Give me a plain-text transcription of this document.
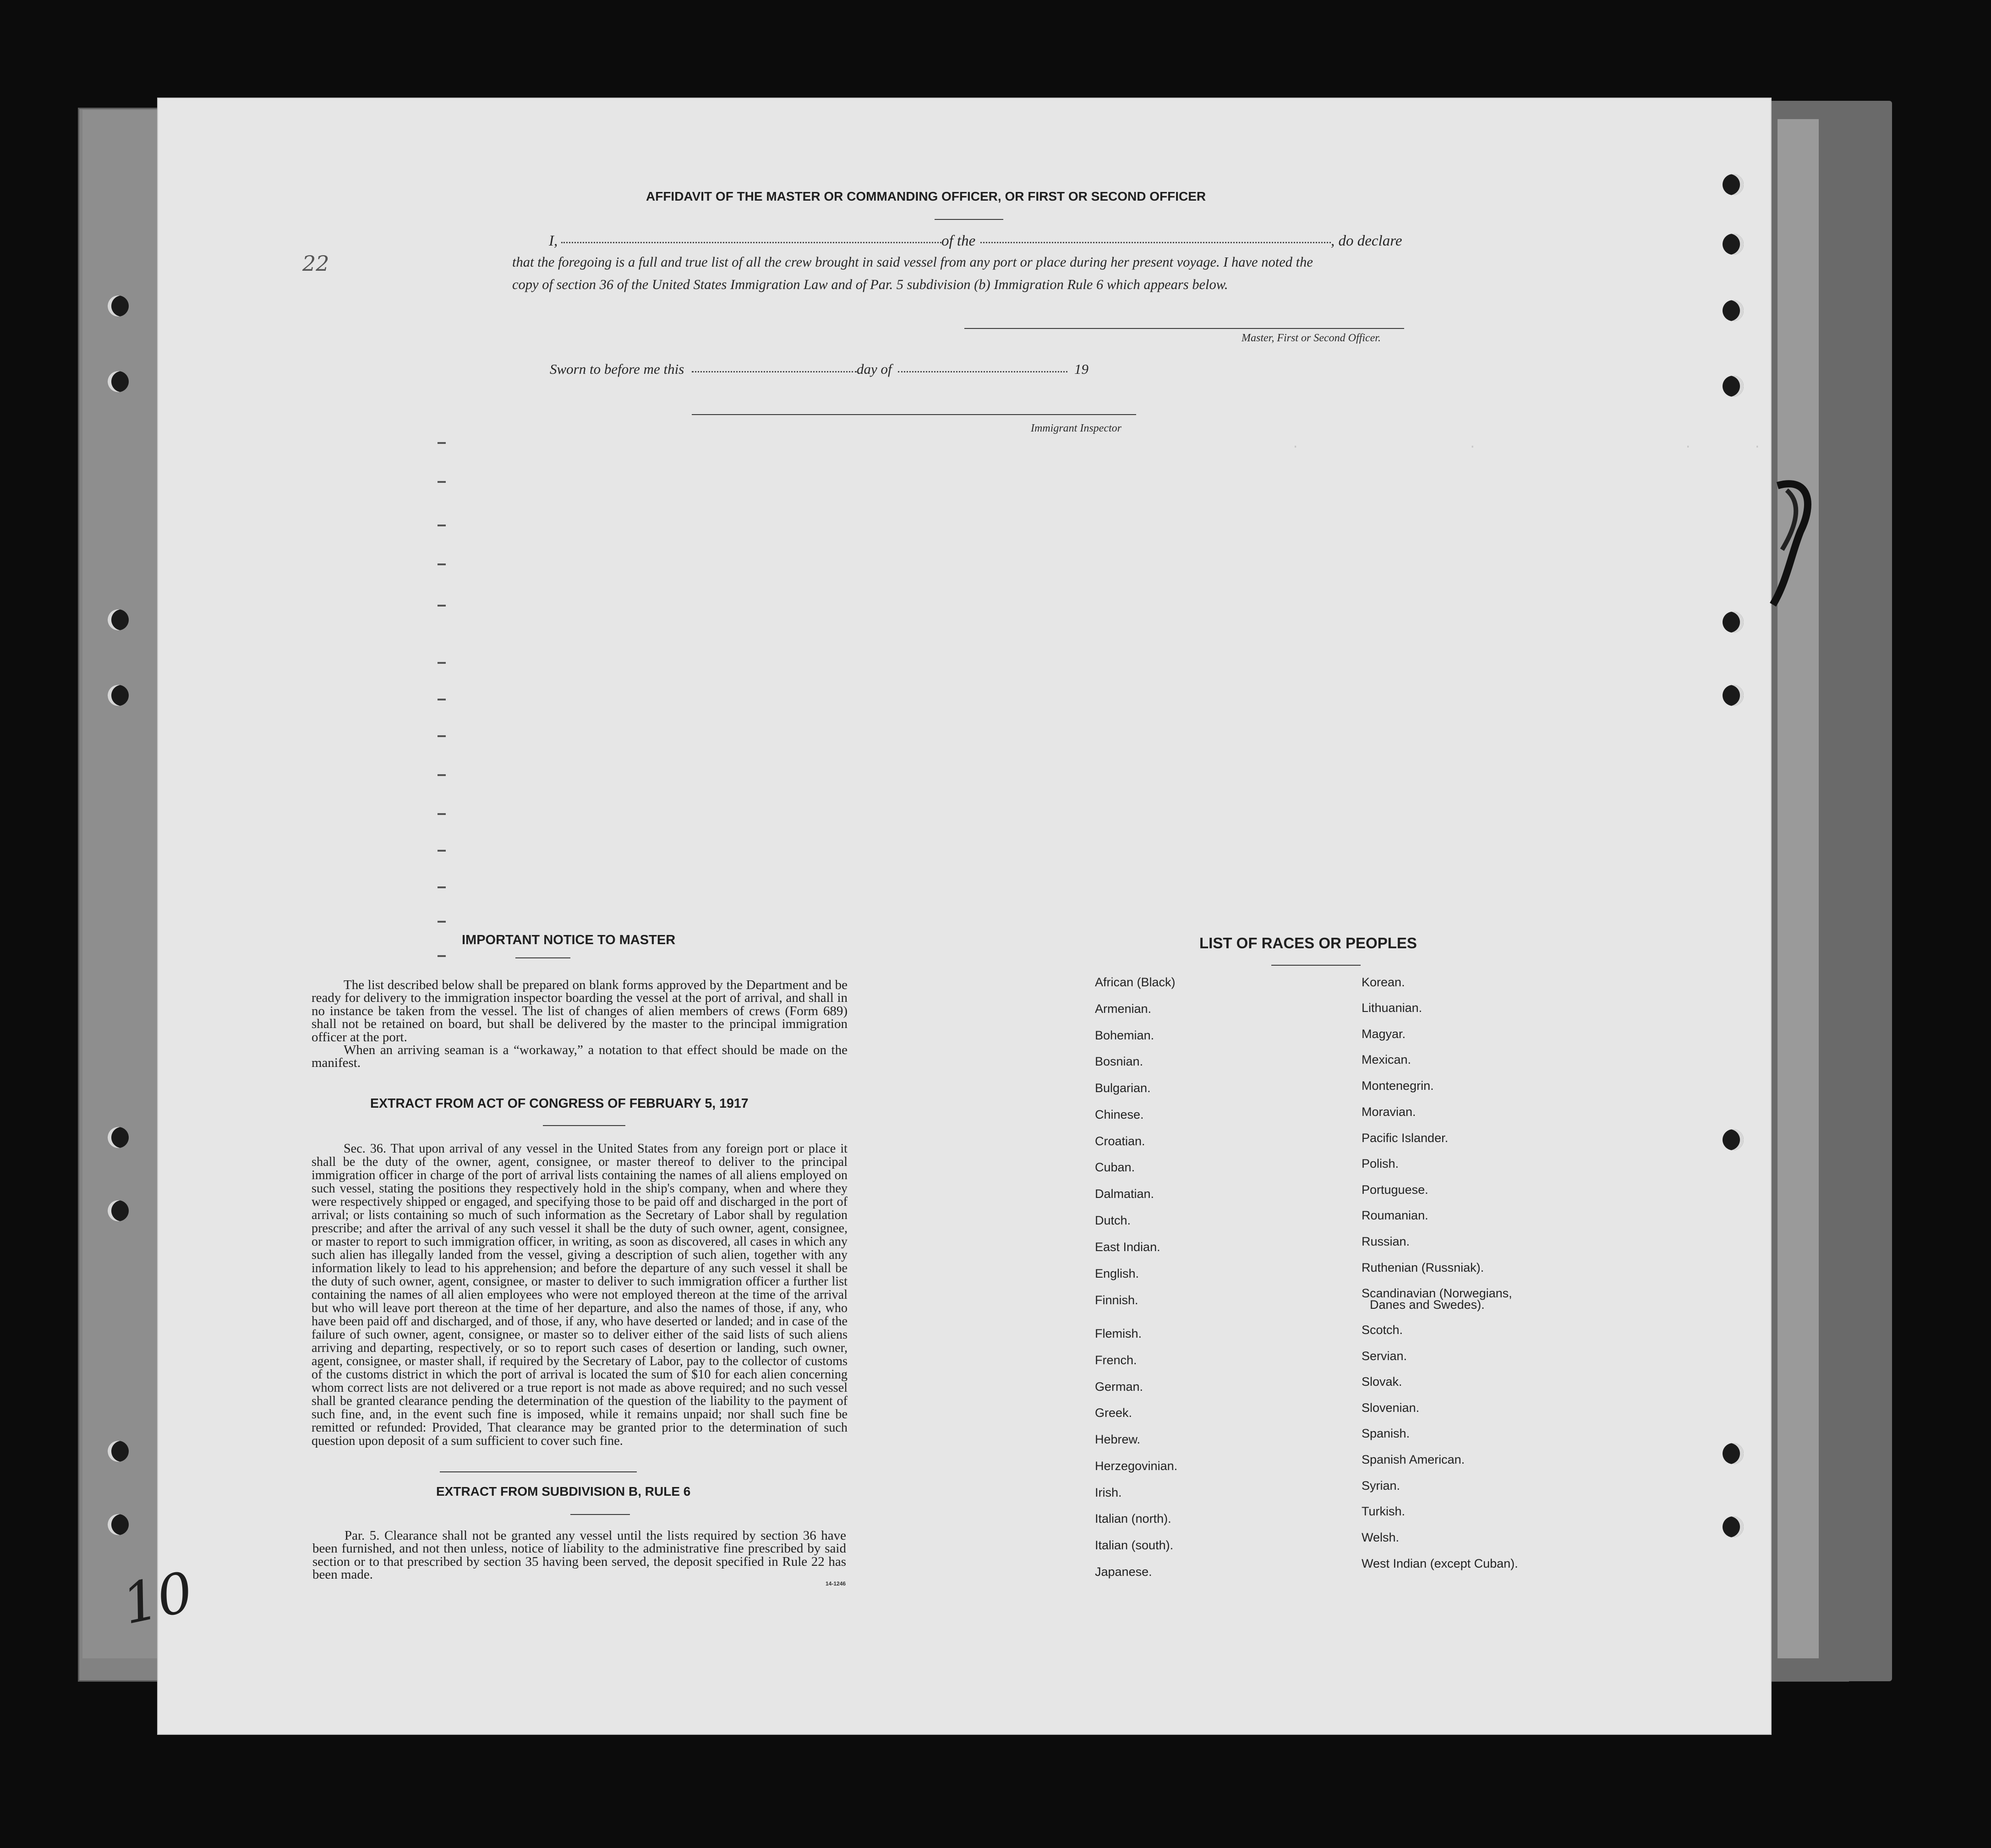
.                      .                           .        .
AFFIDAVIT OF THE MASTER OR COMMANDING OFFICER, OR FIRST OR SECOND OFFICER
I,	of the	, do declare
that the foregoing is a full and true list of all the crew brought in said vessel from any port or place during her present voyage. I have noted the
copy of section 36 of the United States Immigration Law and of Par. 5 subdivision (b) Immigration Rule 6 which appears below.
Master, First or Second Officer.
Sworn to before me this	day of	19
Immigrant Inspector
IMPORTANT NOTICE TO MASTER

The list described below shall be prepared on blank forms approved by the Department and be ready for delivery to the immigration inspector boarding the vessel at the port of arrival, and shall in no instance be taken from the vessel. The list of changes of alien members of crews (Form 689) shall not be retained on board, but shall be delivered by the master to the principal immigration officer at the port.

When an arriving seaman is a “workaway,” a notation to that effect should be made on the manifest.

EXTRACT FROM ACT OF CONGRESS OF FEBRUARY 5, 1917

Sec. 36. That upon arrival of any vessel in the United States from any foreign port or place it shall be the duty of the owner, agent, consignee, or master thereof to deliver to the principal immigration officer in charge of the port of arrival lists containing the names of all aliens employed on such vessel, stating the positions they respectively hold in the ship's company, when and where they were respectively shipped or engaged, and specifying those to be paid off and discharged in the port of arrival; or lists containing so much of such information as the Secretary of Labor shall by regulation prescribe; and after the arrival of any such vessel it shall be the duty of such owner, agent, consignee, or master to report to such immigration officer, in writing, as soon as discovered, all cases in which any such alien has illegally landed from the vessel, giving a description of such alien, together with any information likely to lead to his apprehension; and before the departure of any such vessel it shall be the duty of such owner, agent, consignee, or master to deliver to such immigration officer a further list containing the names of all alien employees who were not employed thereon at the time of the arrival but who will leave port thereon at the time of her departure, and also the names of those, if any, who have been paid off and discharged, and of those, if any, who have deserted or landed; and in case of the failure of such owner, agent, consignee, or master so to deliver either of the said lists of such aliens arriving and departing, respectively, or so to report such cases of desertion or landing, such owner, agent, consignee, or master shall, if required by the Secretary of Labor, pay to the collector of customs of the customs district in which the port of arrival is located the sum of $10 for each alien concerning whom correct lists are not delivered or a true report is not made as above required; and no such vessel shall be granted clearance pending the determination of the question of the liability to the payment of such fine, and, in the event such fine is imposed, while it remains unpaid; nor shall such fine be remitted or refunded: Provided, That clearance may be granted prior to the determination of such question upon deposit of a sum sufficient to cover such fine.

EXTRACT FROM SUBDIVISION B, RULE 6

Par. 5. Clearance shall not be granted any vessel until the lists required by section 36 have been furnished, and not then unless, notice of liability to the administrative fine prescribed by said section or to that prescribed by section 35 having been served, the deposit specified in Rule 22 has been made.

14-1246
LIST OF RACES OR PEOPLES
African (Black)
Armenian.
Bohemian.
Bosnian.
Bulgarian.
Chinese.
Croatian.
Cuban.
Dalmatian.
Dutch.
East Indian.
English.
Finnish.
Flemish.
French.
German.
Greek.
Hebrew.
Herzegovinian.
Irish.
Italian (north).
Italian (south).
Japanese.
Korean.
Lithuanian.
Magyar.
Mexican.
Montenegrin.
Moravian.
Pacific Islander.
Polish.
Portuguese.
Roumanian.
Russian.
Ruthenian (Russniak).
Scandinavian (Norwegians,
Scotch.
Servian.
Slovak.
Slovenian.
Spanish.
Spanish American.
Syrian.
Turkish.
Welsh.
West Indian (except Cuban).
Danes and Swedes).
10
22
